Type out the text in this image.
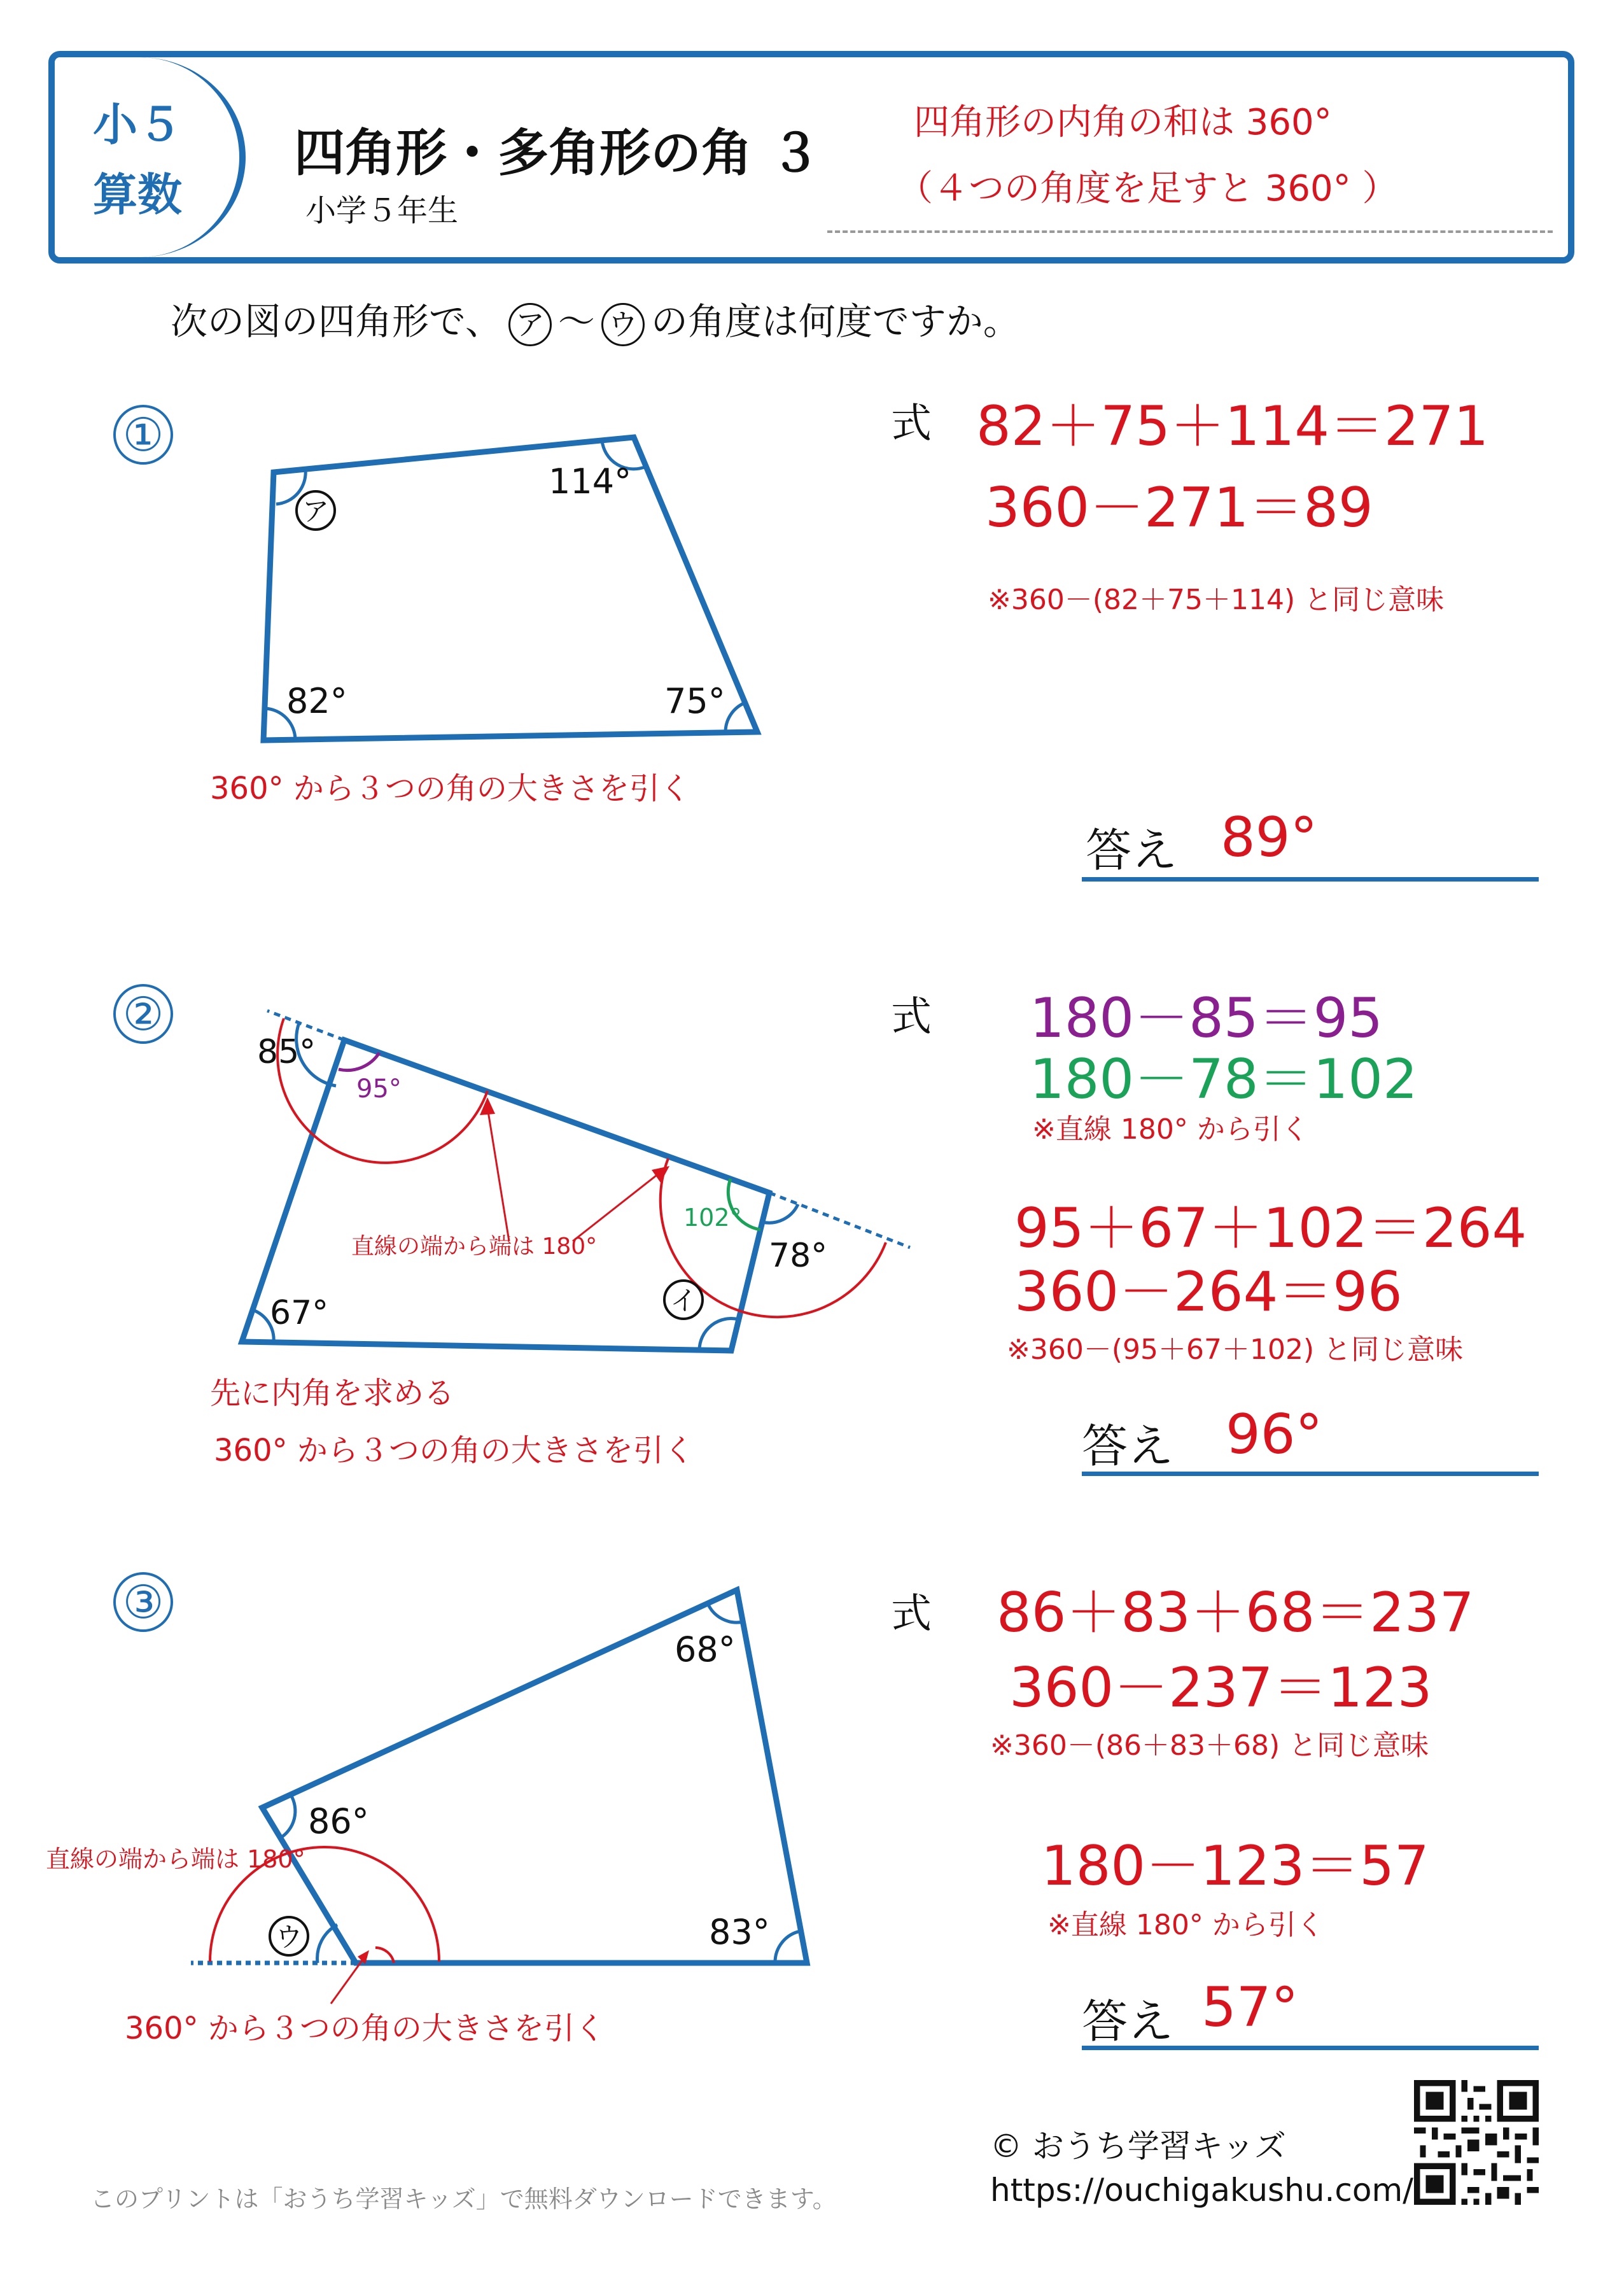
小５
算数
四角形・多角形の角 ３
小学５年生
四角形の内角の和は 360°
（４つの角度を足すと 360° ）
次の図の四角形で、 ア ～ ウ の角度は何度ですか。
ア
114°
82°	75°
85°
95°
102°
78°
67°	イ
直線の端から端は 180°
68°
86°
83°
ウ
直線の端から端は 180°
①
②
③
360° から３つの角の大きさを引く
式 82＋75＋114＝271
360－271＝89
※360－(82＋75＋114) と同じ意味
答え 89°
先に内角を求める
360° から３つの角の大きさを引く
式 180－85＝95
180－78＝102
※直線 180° から引く
95＋67＋102＝264
360－264＝96
※360－(95＋67＋102) と同じ意味
答え 96°
360° から３つの角の大きさを引く
式 86＋83＋68＝237
360－237＝123
※360－(86＋83＋68) と同じ意味
180－123＝57
※直線 180° から引く
答え 57°
© おうち学習キッズ
https://ouchigakushu.com/
このプリントは「おうち学習キッズ」で無料ダウンロードできます。
